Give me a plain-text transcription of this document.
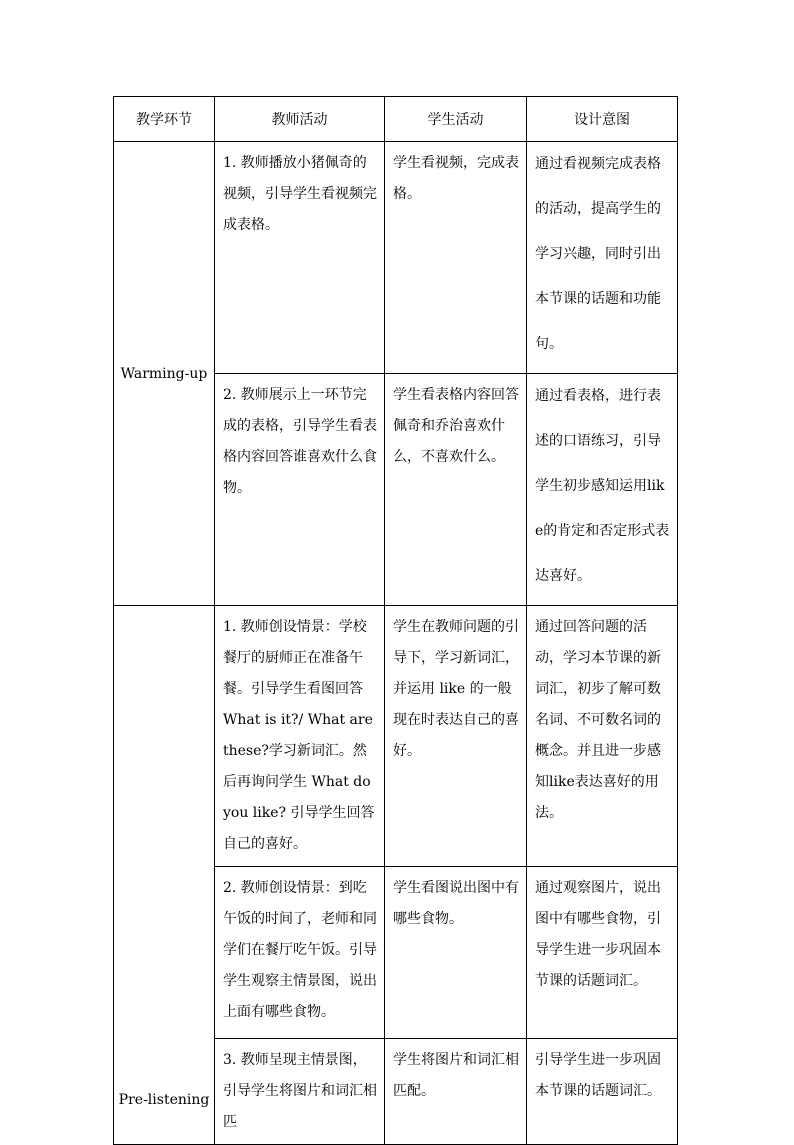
教学环节	教师活动	学生活动	设计意图
Warming-up	1. 教师播放小猪佩奇的视频，引导学生看视频完成表格。	学生看视频，完成表格。	通过看视频完成表格的活动，提高学生的学习兴趣，同时引出本节课的话题和功能句。

	2. 教师展示上一环节完成的表格，引导学生看表格内容回答谁喜欢什么食物。	学生看表格内容回答佩奇和乔治喜欢什么，不喜欢什么。	通过看表格，进行表述的口语练习，引导学生初步感知运用like的肯定和否定形式表达喜好。

Pre-listening	1. 教师创设情景：学校餐厅的厨师正在准备午餐。引导学生看图回答 What is it?/ What are these?学习新词汇。然后再询问学生 What do you like? 引导学生回答自己的喜好。	学生在教师问题的引导下，学习新词汇，并运用 like 的一般现在时表达自己的喜好。	通过回答问题的活动，学习本节课的新词汇，初步了解可数名词、不可数名词的概念。并且进一步感知like表达喜好的用法。

	2. 教师创设情景：到吃午饭的时间了，老师和同学们在餐厅吃午饭。引导学生观察主情景图，说出上面有哪些食物。	学生看图说出图中有哪些食物。	通过观察图片，说出图中有哪些食物，引导学生进一步巩固本节课的话题词汇。

	3. 教师呈现主情景图，引导学生将图片和词汇相匹	学生将图片和词汇相匹配。	引导学生进一步巩固本节课的话题词汇。
